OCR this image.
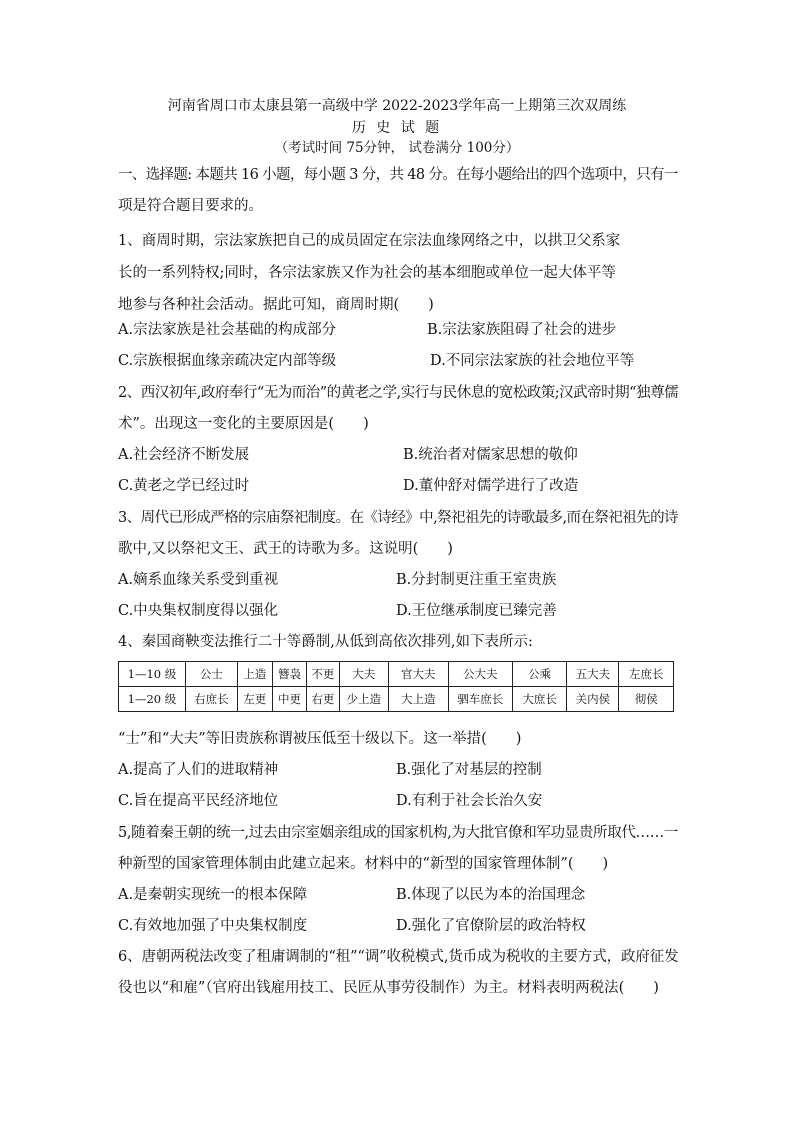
河南省周口市太康县第一高级中学 2022-2023学年高一上期第三次双周练
历 史 试 题
（考试时间 75分钟， 试卷满分 100分）
一、选择题: 本题共 16 小题，每小题 3 分，共 48 分。在每小题给出的四个选项中，只有一
项是符合题目要求的。
1、商周时期，宗法家族把自己的成员固定在宗法血缘网络之中，以拱卫父系家
长的一系列特权;同时，各宗法家族又作为社会的基本细胞或单位一起大体平等
地参与各种社会活动。据此可知，商周时期(　　)
A.宗法家族是社会基础的构成部分	B.宗法家族阻碍了社会的进步
C.宗族根据血缘亲疏决定内部等级	D.不同宗法家族的社会地位平等
2、西汉初年,政府奉行“无为而治”的黄老之学,实行与民休息的宽松政策;汉武帝时期“独尊儒
术”。出现这一变化的主要原因是(　　)
A.社会经济不断发展	B.统治者对儒家思想的敬仰
C.黄老之学已经过时	D.董仲舒对儒学进行了改造
3、周代已形成严格的宗庙祭祀制度。在《诗经》中,祭祀祖先的诗歌最多,而在祭祀祖先的诗
歌中,又以祭祀文王、武王的诗歌为多。这说明(　　)
A.嫡系血缘关系受到重视	B.分封制更注重王室贵族
C.中央集权制度得以强化	D.王位继承制度已臻完善
4、秦国商鞅变法推行二十等爵制,从低到高依次排列,如下表所示:
1—10 级	公士	上造	簪袅	不更	大夫	官大夫	公大夫	公乘	五大夫	左庶长
1—20 级	右庶长	左更	中更	右更	少上造	大上造	驷车庶长	大庶长	关内侯	彻侯
“士”和“大夫”等旧贵族称谓被压低至十级以下。这一举措(　　)
A.提高了人们的进取精神	B.强化了对基层的控制
C.旨在提高平民经济地位	D.有利于社会长治久安
5,随着秦王朝的统一,过去由宗室姻亲组成的国家机构,为大批官僚和军功显贵所取代……一
种新型的国家管理体制由此建立起来。材料中的“新型的国家管理体制”(　　)
A.是秦朝实现统一的根本保障	B.体现了以民为本的治国理念
C.有效地加强了中央集权制度	D.强化了官僚阶层的政治特权
6、唐朝两税法改变了租庸调制的“租”“调”收税模式,货币成为税收的主要方式，政府征发
役也以“和雇”（官府出钱雇用技工、民匠从事劳役制作）为主。材料表明两税法(　　)
